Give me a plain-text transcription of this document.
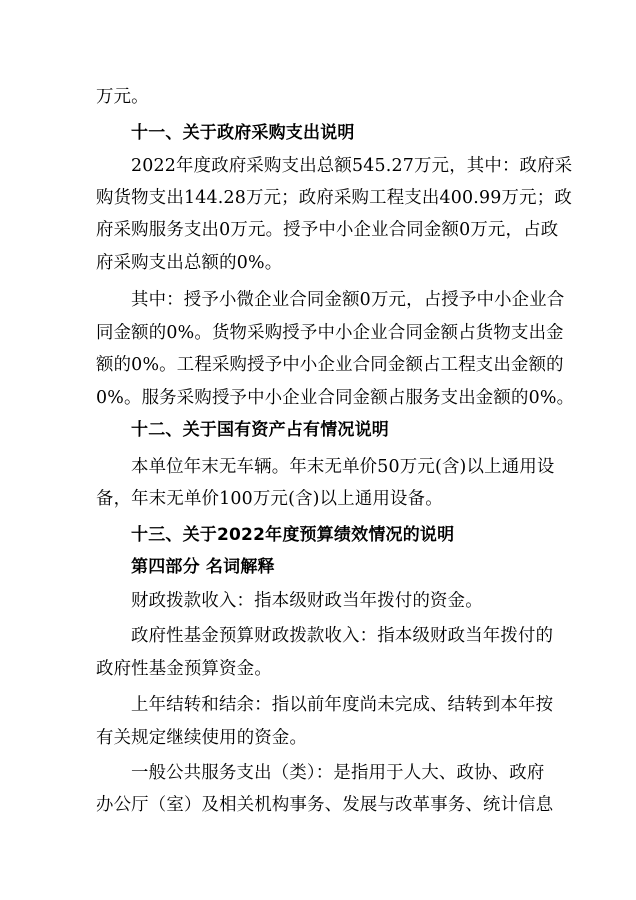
万元。
十一、关于政府采购支出说明
2022年度政府采购支出总额545.27万元，其中：政府采
购货物支出144.28万元；政府采购工程支出400.99万元；政
府采购服务支出0万元。授予中小企业合同金额0万元，占政
府采购支出总额的0%。
其中：授予小微企业合同金额0万元，占授予中小企业合
同金额的0%。货物采购授予中小企业合同金额占货物支出金
额的0%。工程采购授予中小企业合同金额占工程支出金额的
0%。服务采购授予中小企业合同金额占服务支出金额的0%。
十二、关于国有资产占有情况说明
本单位年末无车辆。年末无单价50万元(含)以上通用设
备，年末无单价100万元(含)以上通用设备。
十三、关于2022年度预算绩效情况的说明
第四部分 名词解释
财政拨款收入：指本级财政当年拨付的资金。
政府性基金预算财政拨款收入：指本级财政当年拨付的
政府性基金预算资金。
上年结转和结余：指以前年度尚未完成、结转到本年按
有关规定继续使用的资金。
一般公共服务支出（类）：是指用于人大、政协、政府
办公厅（室）及相关机构事务、发展与改革事务、统计信息
